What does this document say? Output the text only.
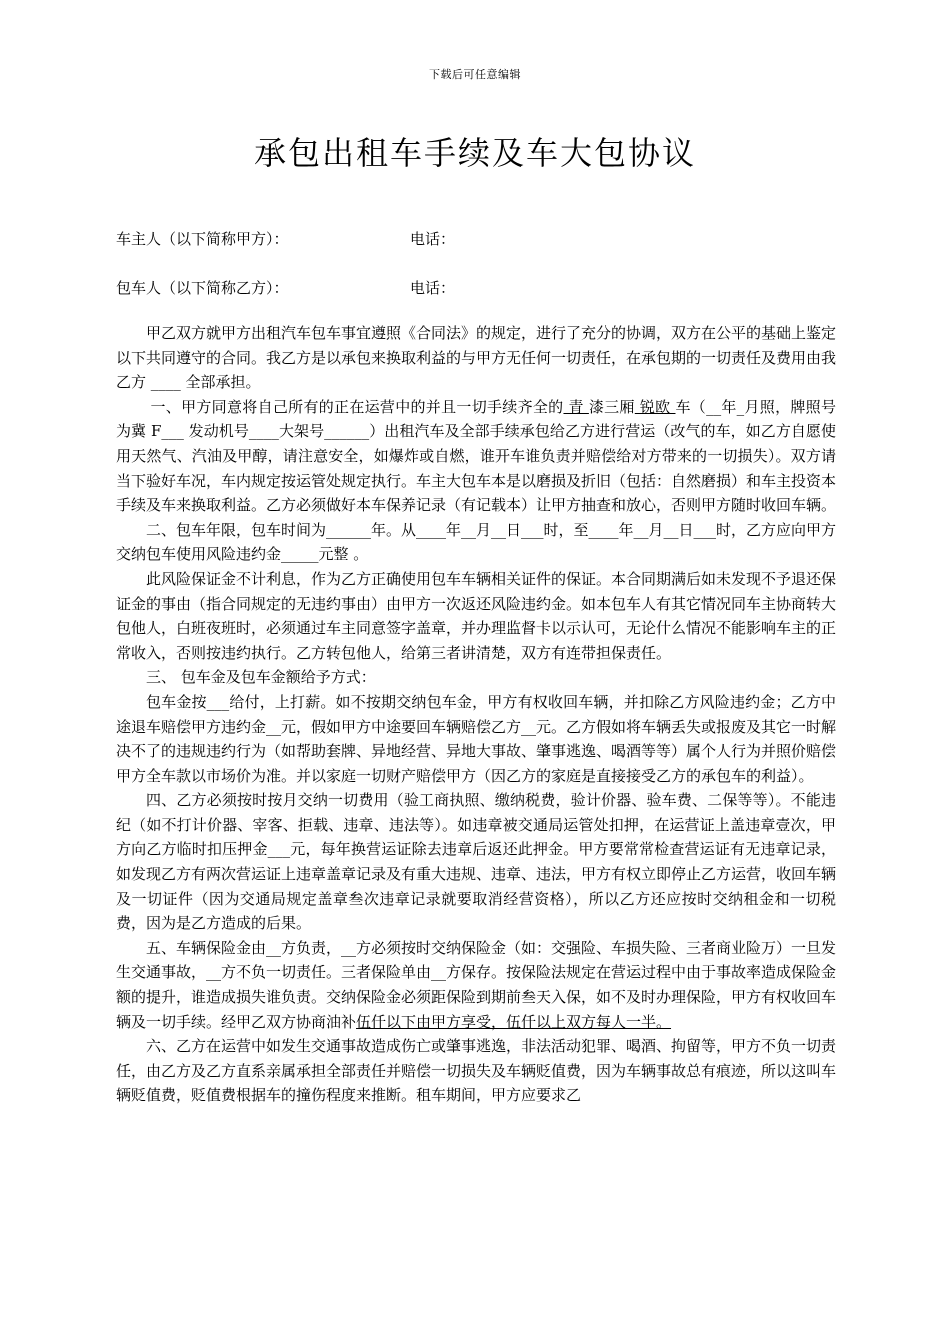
下载后可任意编辑
承包出租车手续及车大包协议
车主人（以下简称甲方）：	电话：
包车人（以下简称乙方）：	电话：

甲乙双方就甲方出租汽车包车事宜遵照《合同法》的规定，进行了充分的协调，双方在公平的基础上鉴定以下共同遵守的合同。我乙方是以承包来换取利益的与甲方无任何一切责任，在承包期的一切责任及费用由我乙方 ____ 全部承担。

一、甲方同意将自己所有的正在运营中的并且一切手续齐全的 青 漆三厢 锐欧 车（__年_月照，牌照号为冀 F___ 发动机号____大架号______）出租汽车及全部手续承包给乙方进行营运（改气的车，如乙方自愿使用天然气、汽油及甲醇，请注意安全，如爆炸或自燃，谁开车谁负责并赔偿给对方带来的一切损失）。双方请当下验好车况，车内规定按运管处规定执行。车主大包车本是以磨损及折旧（包括：自然磨损）和车主投资本手续及车来换取利益。乙方必须做好本车保养记录（有记载本）让甲方抽查和放心，否则甲方随时收回车辆。

二、包车年限，包车时间为______年。从____年__月__日___时，至____年__月__日___时，乙方应向甲方交纳包车使用风险违约金_____元整 。

此风险保证金不计利息，作为乙方正确使用包车车辆相关证件的保证。本合同期满后如未发现不予退还保证金的事由（指合同规定的无违约事由）由甲方一次返还风险违约金。如本包车人有其它情况同车主协商转大包他人，白班夜班时，必须通过车主同意签字盖章，并办理监督卡以示认可，无论什么情况不能影响车主的正常收入，否则按违约执行。乙方转包他人，给第三者讲清楚，双方有连带担保责任。

三、 包车金及包车金额给予方式：

包车金按___给付，上打薪。如不按期交纳包车金，甲方有权收回车辆，并扣除乙方风险违约金；乙方中途退车赔偿甲方违约金__元，假如甲方中途要回车辆赔偿乙方__元。乙方假如将车辆丢失或报废及其它一时解决不了的违规违约行为（如帮助套牌、异地经营、异地大事故、肇事逃逸、喝酒等等）属个人行为并照价赔偿甲方全车款以市场价为准。并以家庭一切财产赔偿甲方（因乙方的家庭是直接接受乙方的承包车的利益）。

四、乙方必须按时按月交纳一切费用（验工商执照、缴纳税费，验计价器、验车费、二保等等）。不能违纪（如不打计价器、宰客、拒载、违章、违法等）。如违章被交通局运管处扣押，在运营证上盖违章壹次，甲方向乙方临时扣压押金___元，每年换营运证除去违章后返还此押金。甲方要常常检查营运证有无违章记录，如发现乙方有两次营运证上违章盖章记录及有重大违规、违章、违法，甲方有权立即停止乙方运营，收回车辆及一切证件（因为交通局规定盖章叁次违章记录就要取消经营资格），所以乙方还应按时交纳租金和一切税费，因为是乙方造成的后果。

五、车辆保险金由__方负责，__方必须按时交纳保险金（如：交强险、车损失险、三者商业险万）一旦发生交通事故，__方不负一切责任。三者保险单由__方保存。按保险法规定在营运过程中由于事故率造成保险金额的提升，谁造成损失谁负责。交纳保险金必须距保险到期前叁天入保，如不及时办理保险，甲方有权收回车辆及一切手续。经甲乙双方协商油补伍仟以下由甲方享受，伍仟以上双方每人一半。

六、乙方在运营中如发生交通事故造成伤亡或肇事逃逸，非法活动犯罪、喝酒、拘留等，甲方不负一切责任，由乙方及乙方直系亲属承担全部责任并赔偿一切损失及车辆贬值费，因为车辆事故总有痕迹，所以这叫车辆贬值费，贬值费根据车的撞伤程度来推断。租车期间，甲方应要求乙
